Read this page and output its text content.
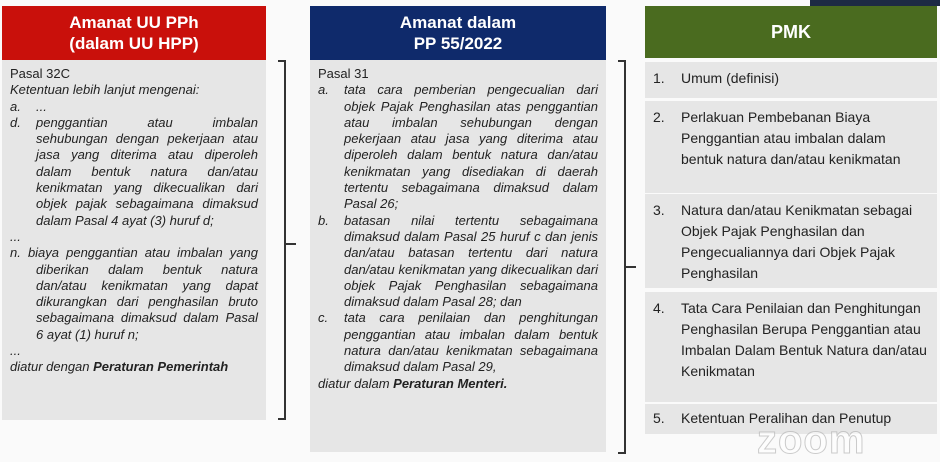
Amanat UU PPh
(dalam UU HPP)
Pasal 32C
Ketentuan lebih lanjut mengenai:
a.	...
d.	penggantian atau imbalan sehubungan dengan pekerjaan atau jasa yang diterima atau diperoleh dalam bentuk natura dan/atau kenikmatan yang dikecualikan dari objek pajak sebagaimana dimaksud dalam Pasal 4 ayat (3) huruf d;
...
n. biaya penggantian atau imbalan yang diberikan dalam bentuk natura dan/atau kenikmatan yang dapat dikurangkan dari penghasilan bruto sebagaimana dimaksud dalam Pasal 6 ayat (1) huruf n;
...
diatur dengan Peraturan Pemerintah
Amanat dalam
PP 55/2022
Pasal 31
a.	tata cara pemberian pengecualian dari objek Pajak Penghasilan atas penggantian atau imbalan sehubungan dengan pekerjaan atau jasa yang diterima atau diperoleh dalam bentuk natura dan/atau kenikmatan yang disediakan di daerah tertentu sebagaimana dimaksud dalam Pasal 26;
b.	batasan nilai tertentu sebagaimana dimaksud dalam Pasal 25 huruf c dan jenis dan/atau batasan tertentu dari natura dan/atau kenikmatan yang dikecualikan dari objek Pajak Penghasilan sebagaimana dimaksud dalam Pasal 28; dan
c.	tata cara penilaian dan penghitungan penggantian atau imbalan dalam bentuk natura dan/atau kenikmatan sebagaimana dimaksud dalam Pasal 29,
diatur dalam Peraturan Menteri.
PMK
1.	Umum (definisi)
2.	Perlakuan Pembebanan Biaya Penggantian atau imbalan dalam bentuk natura dan/atau kenikmatan
3.	Natura dan/atau Kenikmatan sebagai Objek Pajak Penghasilan dan Pengecualiannya dari Objek Pajak Penghasilan
4.	Tata Cara Penilaian dan Penghitungan Penghasilan Berupa Penggantian atau Imbalan Dalam Bentuk Natura dan/atau Kenikmatan
5.	Ketentuan Peralihan dan Penutup
zoom
